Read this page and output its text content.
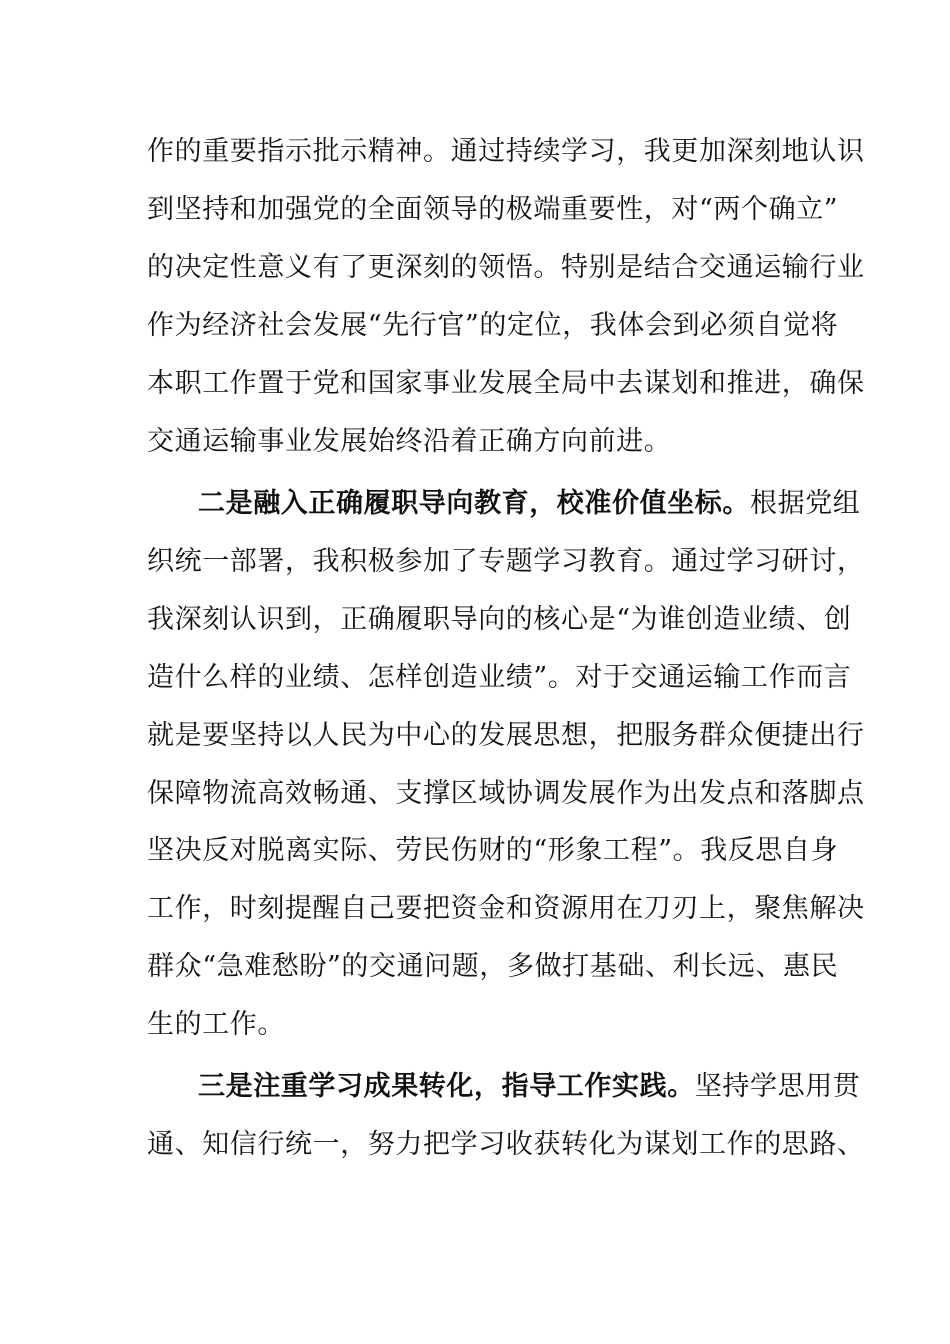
作的重要指示批示精神。通过持续学习，我更加深刻地认识
到坚持和加强党的全面领导的极端重要性，对“两个确立”
的决定性意义有了更深刻的领悟。特别是结合交通运输行业
作为经济社会发展“先行官”的定位，我体会到必须自觉将
本职工作置于党和国家事业发展全局中去谋划和推进，确保
交通运输事业发展始终沿着正确方向前进。
二是融入正确履职导向教育，校准价值坐标。根据党组
织统一部署，我积极参加了专题学习教育。通过学习研讨，
我深刻认识到，正确履职导向的核心是“为谁创造业绩、创
造什么样的业绩、怎样创造业绩”。对于交通运输工作而言
就是要坚持以人民为中心的发展思想，把服务群众便捷出行
保障物流高效畅通、支撑区域协调发展作为出发点和落脚点
坚决反对脱离实际、劳民伤财的“形象工程”。我反思自身
工作，时刻提醒自己要把资金和资源用在刀刃上，聚焦解决
群众“急难愁盼”的交通问题，多做打基础、利长远、惠民
生的工作。
三是注重学习成果转化，指导工作实践。坚持学思用贯
通、知信行统一，努力把学习收获转化为谋划工作的思路、
